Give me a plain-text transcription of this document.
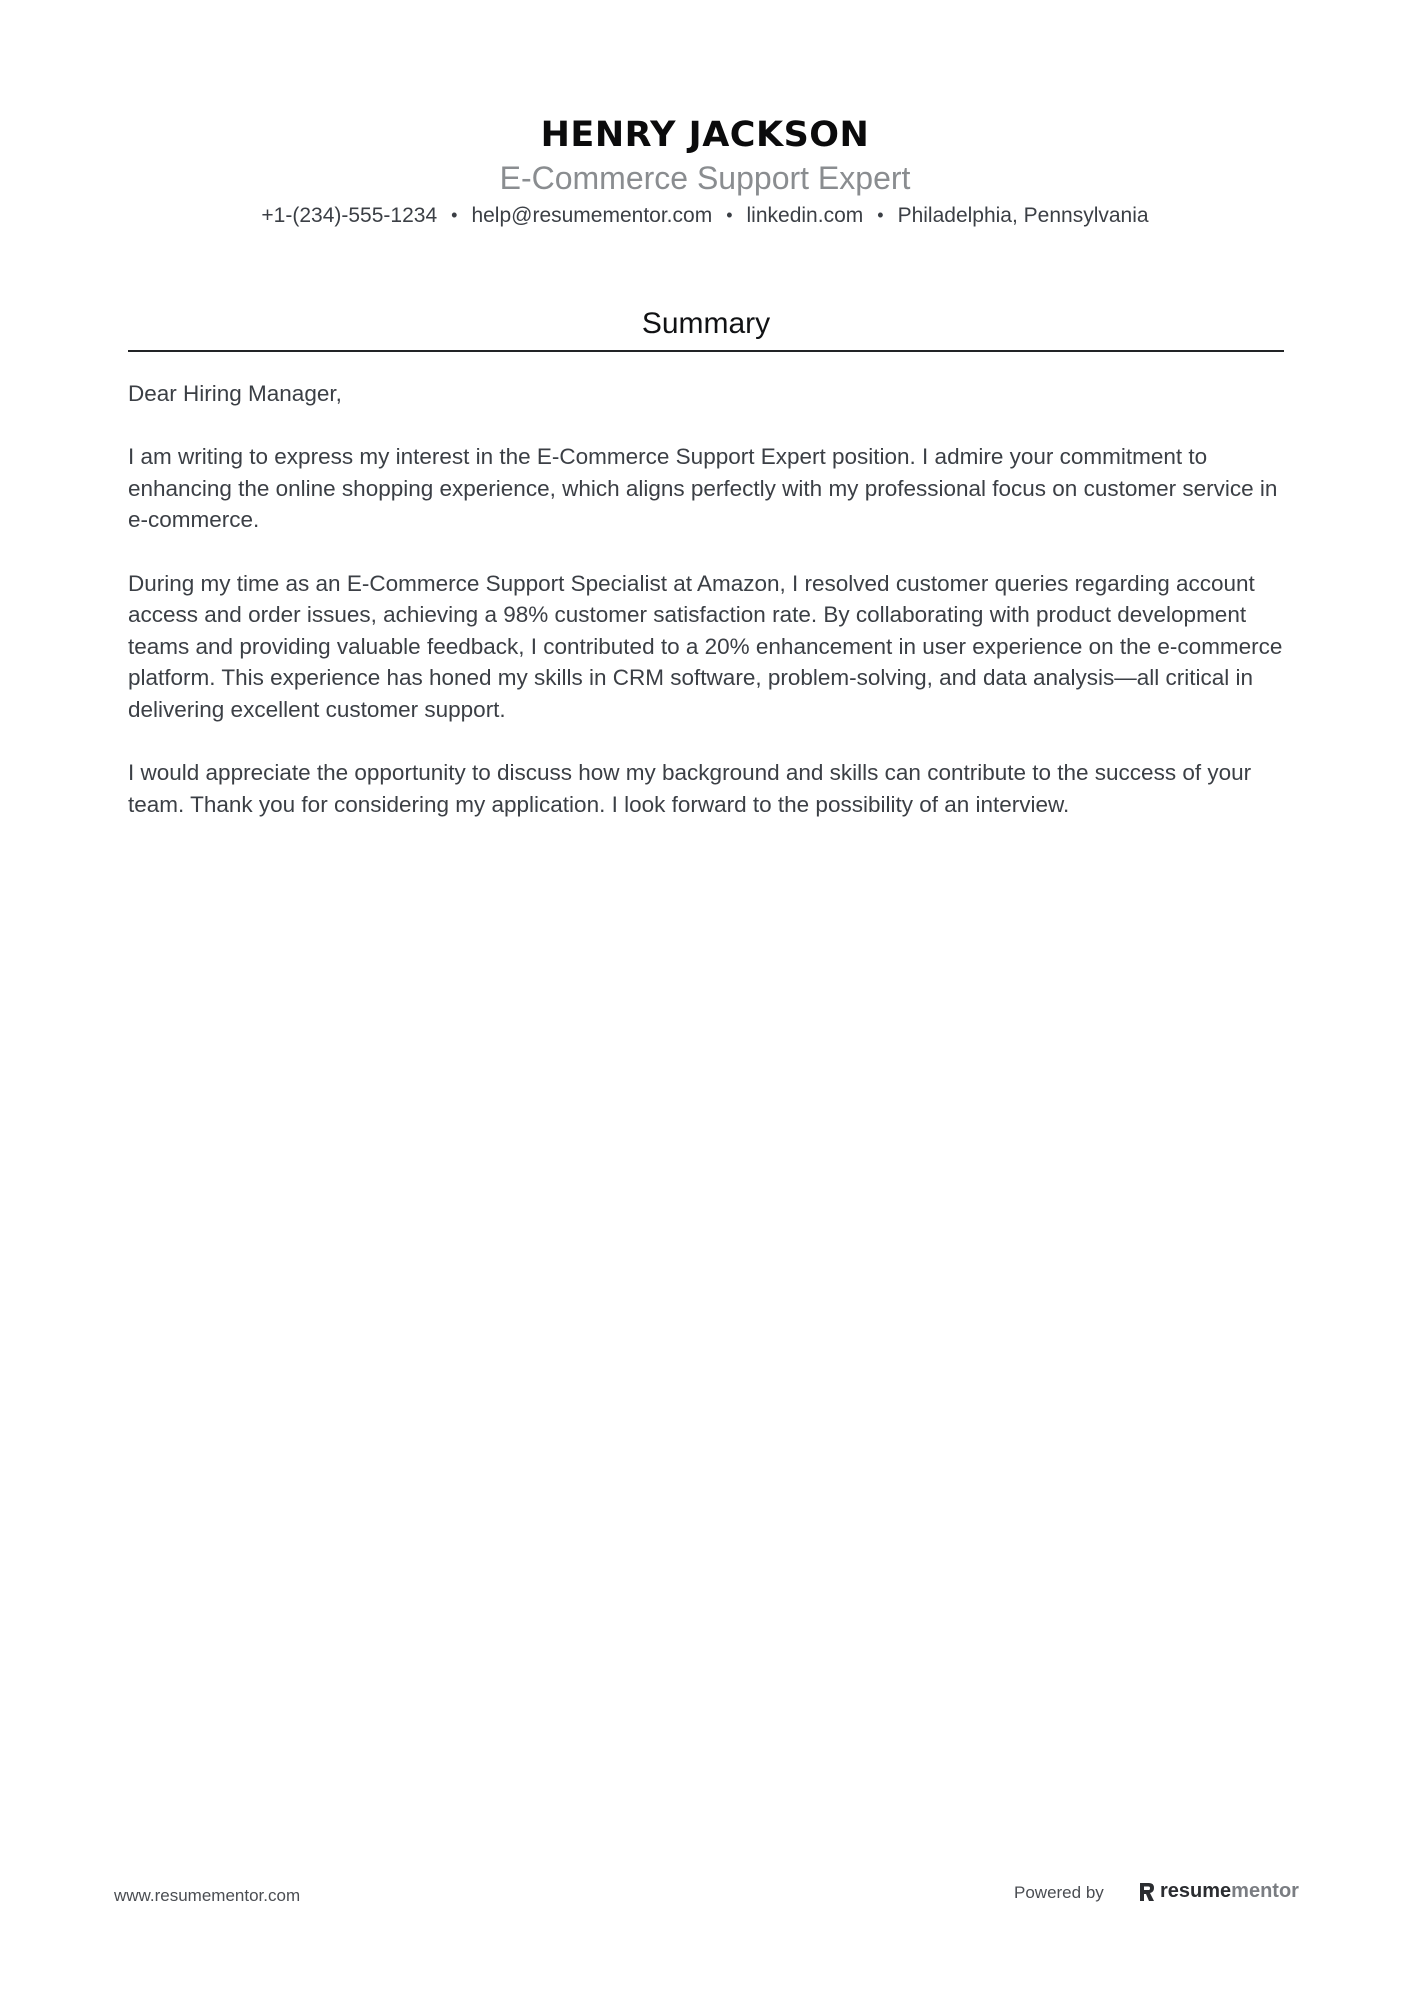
HENRY JACKSON
E-Commerce Support Expert
+1-(234)-555-1234 • help@resumementor.com • linkedin.com • Philadelphia, Pennsylvania
Summary

Dear Hiring Manager,

I am writing to express my interest in the E-Commerce Support Expert position. I admire your commitment to enhancing the online shopping experience, which aligns perfectly with my professional focus on customer service in e-commerce.

During my time as an E-Commerce Support Specialist at Amazon, I resolved customer queries regarding account access and order issues, achieving a 98% customer satisfaction rate. By collaborating with product development teams and providing valuable feedback, I contributed to a 20% enhancement in user experience on the e-commerce platform. This experience has honed my skills in CRM software, problem-solving, and data analysis—all critical in delivering excellent customer support.

I would appreciate the opportunity to discuss how my background and skills can contribute to the success of your team. Thank you for considering my application. I look forward to the possibility of an interview.

www.resumementor.com	Powered by	resume mentor
